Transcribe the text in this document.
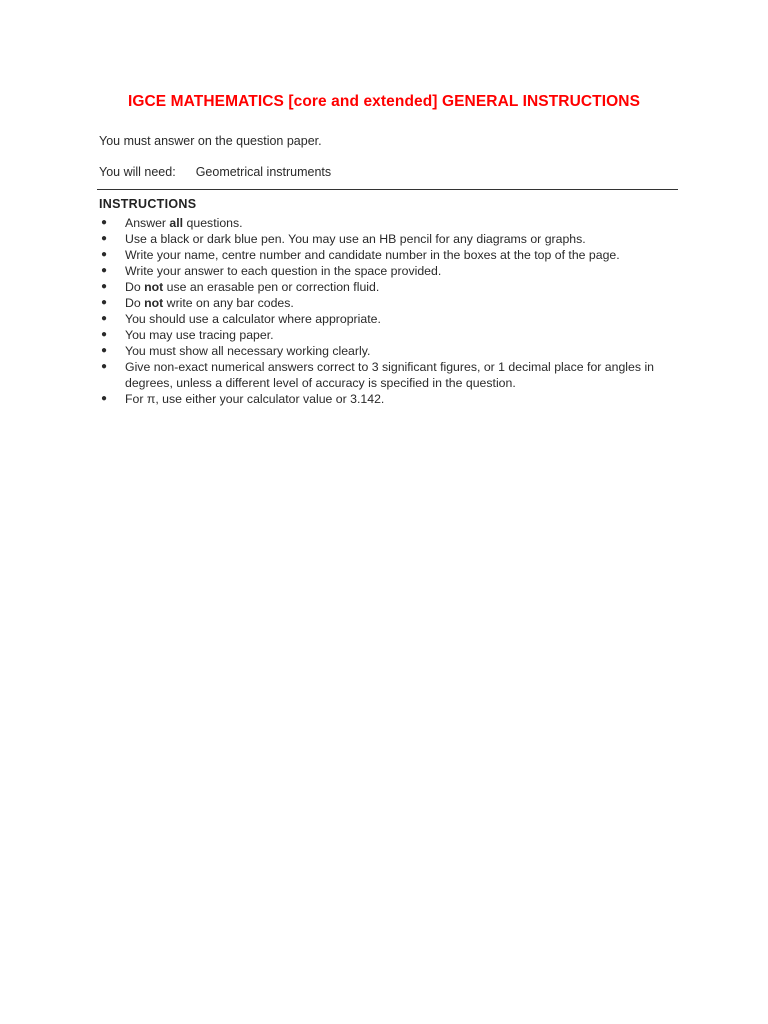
IGCE MATHEMATICS [core and extended] GENERAL INSTRUCTIONS
You must answer on the question paper.
You will need: Geometrical instruments
INSTRUCTIONS
● Answer all questions.
● Use a black or dark blue pen. You may use an HB pencil for any diagrams or graphs.
● Write your name, centre number and candidate number in the boxes at the top of the page.
● Write your answer to each question in the space provided.
● Do not use an erasable pen or correction fluid.
● Do not write on any bar codes.
● You should use a calculator where appropriate.
● You may use tracing paper.
● You must show all necessary working clearly.
● Give non-exact numerical answers correct to 3 significant figures, or 1 decimal place for angles in degrees, unless a different level of accuracy is specified in the question.
● For π, use either your calculator value or 3.142.
